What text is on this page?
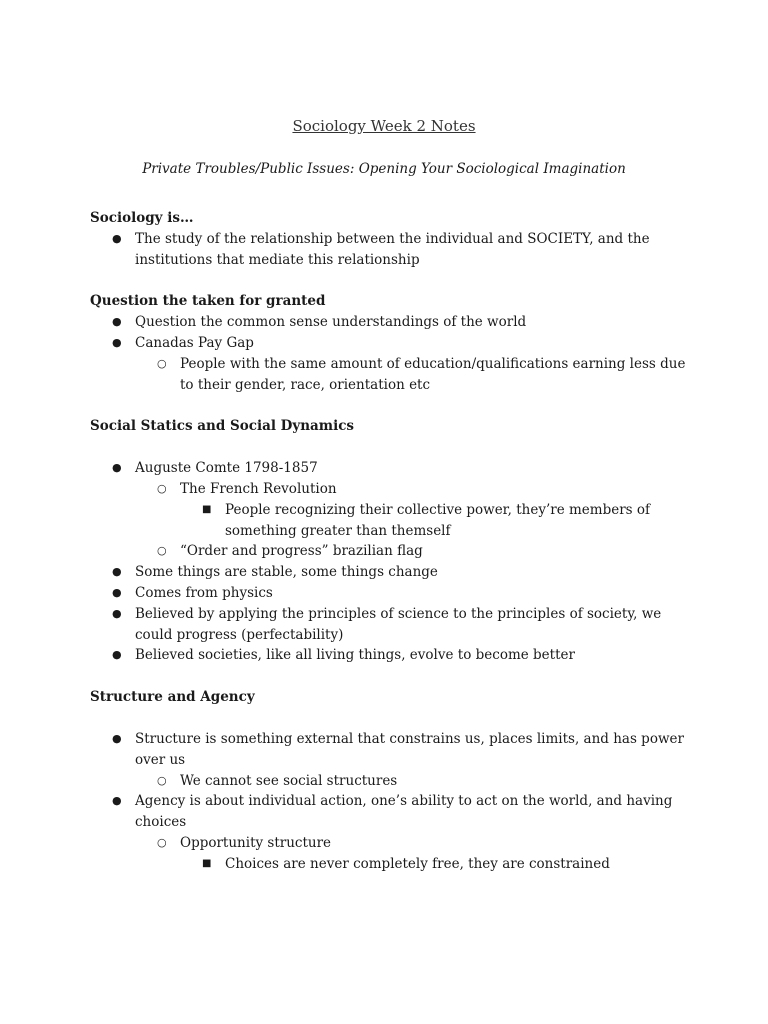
Sociology Week 2 Notes
Private Troubles/Public Issues: Opening Your Sociological Imagination

Sociology is…

● The study of the relationship between the individual and SOCIETY, and the institutions that mediate this relationship

Question the taken for granted

● Question the common sense understandings of the world
● Canadas Pay Gap
○ People with the same amount of education/qualifications earning less due to their gender, race, orientation etc

Social Statics and Social Dynamics

● Auguste Comte 1798-1857
○ The French Revolution
■ People recognizing their collective power, they’re members of something greater than themself
○ “Order and progress” brazilian flag
● Some things are stable, some things change
● Comes from physics
● Believed by applying the principles of science to the principles of society, we could progress (perfectability)
● Believed societies, like all living things, evolve to become better

Structure and Agency

● Structure is something external that constrains us, places limits, and has power over us
○ We cannot see social structures
● Agency is about individual action, one’s ability to act on the world, and having choices
○ Opportunity structure
■ Choices are never completely free, they are constrained
